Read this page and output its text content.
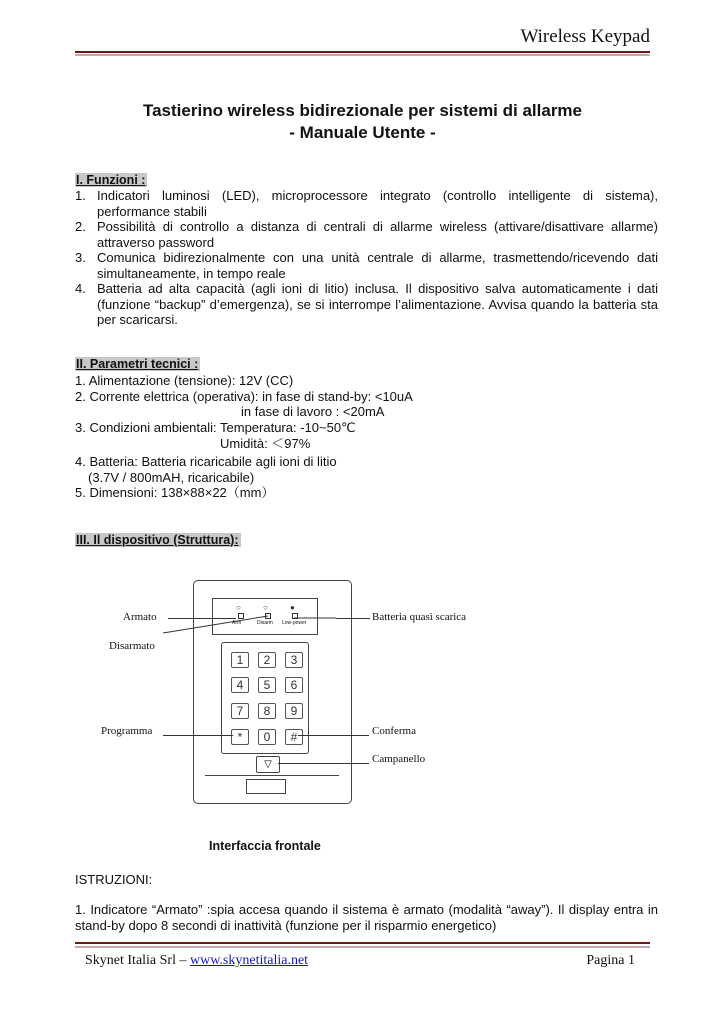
Wireless Keypad
Tastierino wireless bidirezionale per sistemi di allarme
- Manuale Utente -
I. Funzioni :
1. Indicatori luminosi (LED), microprocessore integrato (controllo intelligente di sistema), performance stabili
2. Possibilità di controllo a distanza di centrali di allarme wireless (attivare/disattivare allarme) attraverso password
3. Comunica bidirezionalmente con una unità centrale di allarme, trasmettendo/ricevendo dati simultaneamente, in tempo reale
4. Batteria ad alta capacità (agli ioni di litio) inclusa. Il dispositivo salva automaticamente i dati (funzione “backup” d’emergenza), se si interrompe l’alimentazione. Avvisa quando la batteria sta per scaricarsi.
II. Parametri tecnici :
1. Alimentazione (tensione): 12V (CC)
2. Corrente elettrica (operativa): in fase di stand-by: <10uA
in fase di lavoro : <20mA
3. Condizioni ambientali: Temperatura: -10~50℃
Umidità: ＜97%
4. Batteria: Batteria ricaricabile agli ioni di litio
(3.7V / 800mAH, ricaricabile)
5. Dimensioni: 138×88×22（mm）
III. Il dispositivo (Struttura):
○	○	●
Arm	Disarm Low-power
1	2	3
4	5	6
7	8	9
*	0	#
▽
Armato
Disarmato
Batteria quasi scarica
Programma	Conferma
Campanello
Interfaccia frontale
ISTRUZIONI:
1. Indicatore “Armato” :spia accesa quando il sistema è armato (modalità “away”). Il display entra in stand-by dopo 8 secondi di inattività (funzione per il risparmio energetico)
Skynet Italia Srl – www.skynetitalia.net	Pagina 1
